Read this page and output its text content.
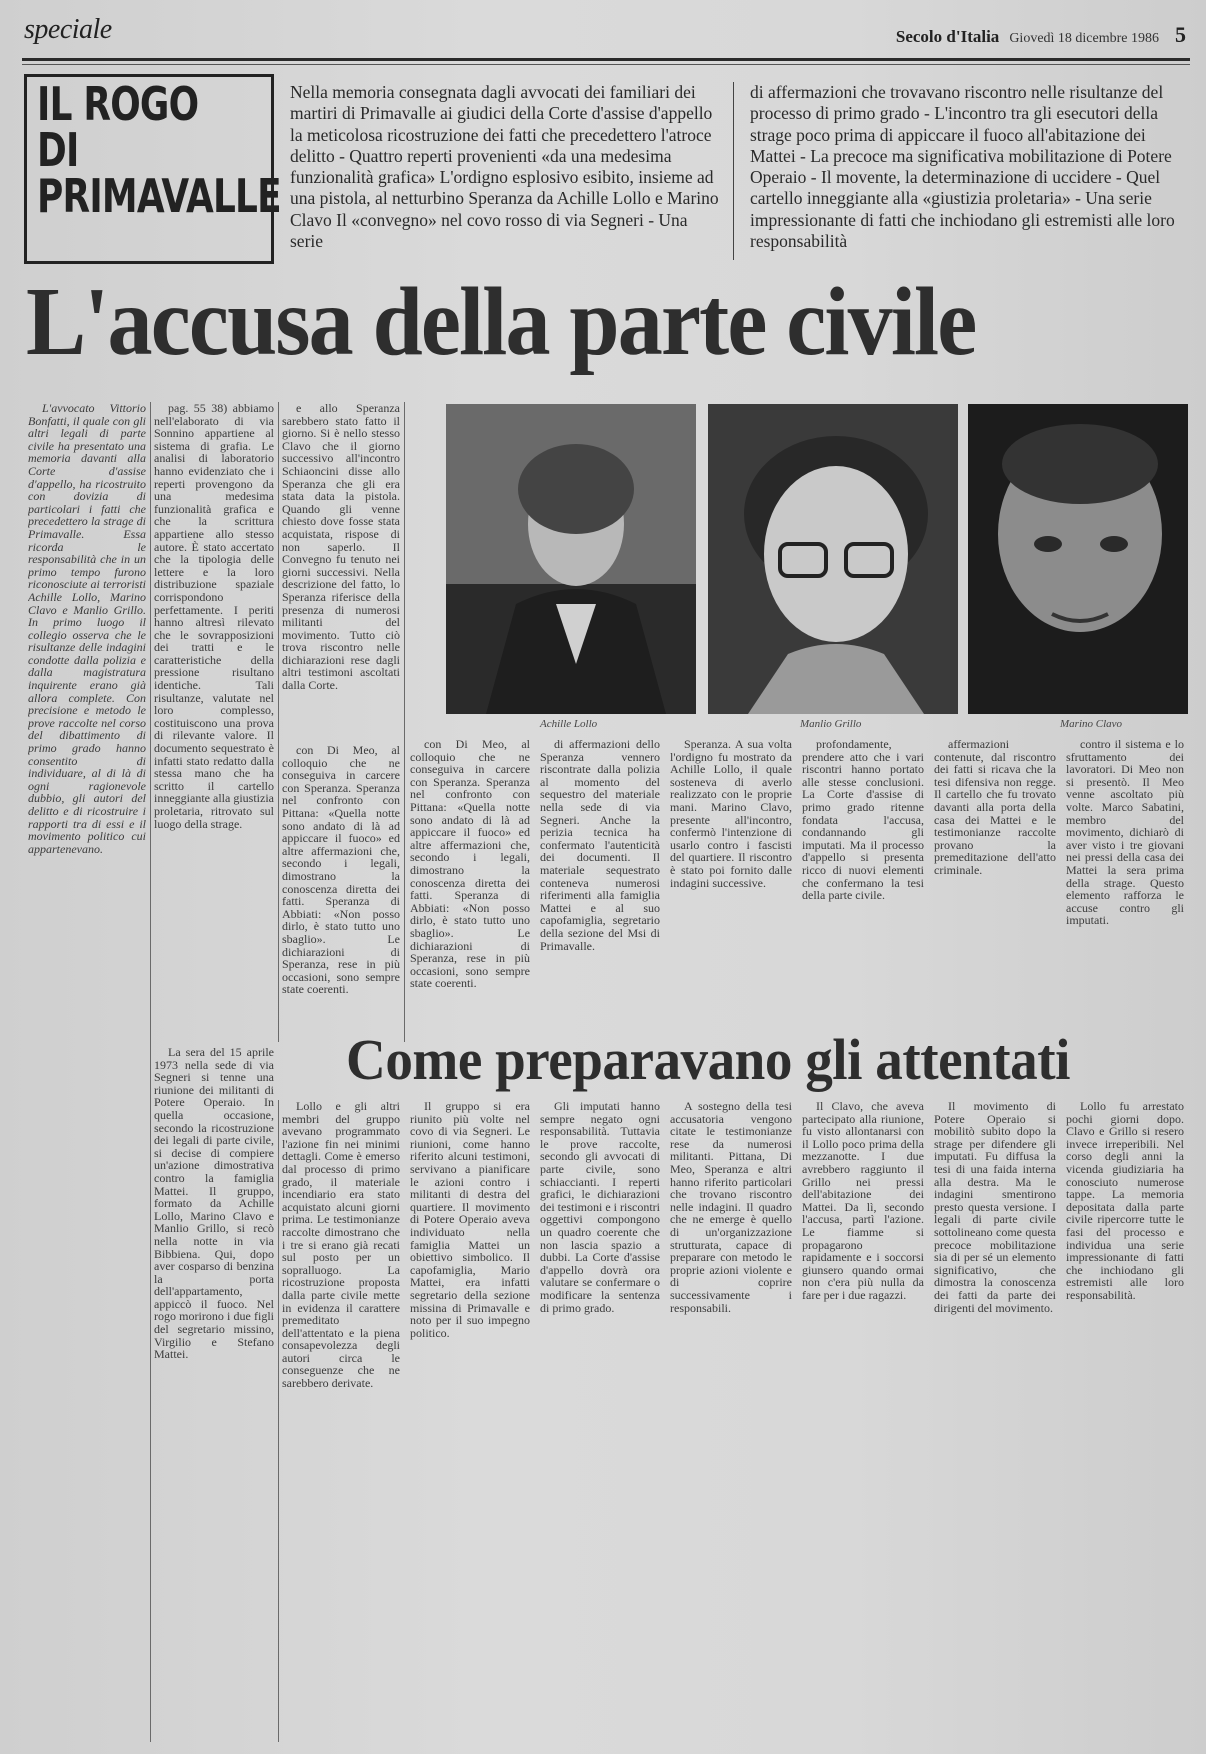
speciale	Secolo d'Italia Giovedì 18 dicembre 1986 5
IL ROGO
DI
PRIMAVALLE
Nella memoria consegnata dagli avvocati dei familiari dei martiri di Primavalle ai giudici della Corte d'assise d'appello la meticolosa ricostruzione dei fatti che precedettero l'atroce delitto - Quattro reperti provenienti «da una medesima funzionalità grafica» L'ordigno esplosivo esibito, insieme ad una pistola, al netturbino Speranza da Achille Lollo e Marino Clavo Il «convegno» nel covo rosso di via Segneri - Una serie
di affermazioni che trovavano riscontro nelle risultanze del processo di primo grado - L'incontro tra gli esecutori della strage poco prima di appiccare il fuoco all'abitazione dei Mattei - La precoce ma significativa mobilitazione di Potere Operaio - Il movente, la determinazione di uccidere - Quel cartello inneggiante alla «giustizia proletaria» - Una serie impressionante di fatti che inchiodano gli estremisti alle loro responsabilità
L'accusa della parte civile
Achille Lollo	Manlio Grillo	Marino Clavo

L'avvocato Vittorio Bonfatti, il quale con gli altri legali di parte civile ha presentato una memoria davanti alla Corte d'assise d'appello, ha ricostruito con dovizia di particolari i fatti che precedettero la strage di Primavalle. Essa ricorda le responsabilità che in un primo tempo furono riconosciute ai terroristi Achille Lollo, Marino Clavo e Manlio Grillo. In primo luogo il collegio osserva che le risultanze delle indagini condotte dalla polizia e dalla magistratura inquirente erano già allora complete. Con precisione e metodo le prove raccolte nel corso del dibattimento di primo grado hanno consentito di individuare, al di là di ogni ragionevole dubbio, gli autori del delitto e di ricostruire i rapporti tra di essi e il movimento politico cui appartenevano.

pag. 55 38) abbiamo nell'elaborato di via Sonnino appartiene al sistema di grafia. Le analisi di laboratorio hanno evidenziato che i reperti provengono da una medesima funzionalità grafica e che la scrittura appartiene allo stesso autore. È stato accertato che la tipologia delle lettere e la loro distribuzione spaziale corrispondono perfettamente. I periti hanno altresì rilevato che le sovrapposizioni dei tratti e le caratteristiche della pressione risultano identiche. Tali risultanze, valutate nel loro complesso, costituiscono una prova di rilevante valore. Il documento sequestrato è infatti stato redatto dalla stessa mano che ha scritto il cartello inneggiante alla giustizia proletaria, ritrovato sul luogo della strage.

e allo Speranza sarebbero stato fatto il giorno. Si è nello stesso Clavo che il giorno successivo all'incontro Schiaoncini disse allo Speranza che gli era stata data la pistola. Quando gli venne chiesto dove fosse stata acquistata, rispose di non saperlo. Il Convegno fu tenuto nei giorni successivi. Nella descrizione del fatto, lo Speranza riferisce della presenza di numerosi militanti del movimento. Tutto ciò trova riscontro nelle dichiarazioni rese dagli altri testimoni ascoltati dalla Corte.

con Di Meo, al colloquio che ne conseguiva in carcere con Speranza. Speranza nel confronto con Pittana: «Quella notte sono andato di là ad appiccare il fuoco» ed altre affermazioni che, secondo i legali, dimostrano la conoscenza diretta dei fatti. Speranza di Abbiati: «Non posso dirlo, è stato tutto uno sbaglio». Le dichiarazioni di Speranza, rese in più occasioni, sono sempre state coerenti.

con Di Meo, al colloquio che ne conseguiva in carcere con Speranza. Speranza nel confronto con Pittana: «Quella notte sono andato di là ad appiccare il fuoco» ed altre affermazioni che, secondo i legali, dimostrano la conoscenza diretta dei fatti. Speranza di Abbiati: «Non posso dirlo, è stato tutto uno sbaglio». Le dichiarazioni di Speranza, rese in più occasioni, sono sempre state coerenti.

di affermazioni dello Speranza vennero riscontrate dalla polizia al momento del sequestro del materiale nella sede di via Segneri. Anche la perizia tecnica ha confermato l'autenticità dei documenti. Il materiale sequestrato conteneva numerosi riferimenti alla famiglia Mattei e al suo capofamiglia, segretario della sezione del Msi di Primavalle.

Speranza. A sua volta l'ordigno fu mostrato da Achille Lollo, il quale sosteneva di averlo realizzato con le proprie mani. Marino Clavo, presente all'incontro, confermò l'intenzione di usarlo contro i fascisti del quartiere. Il riscontro è stato poi fornito dalle indagini successive.

profondamente, prendere atto che i vari riscontri hanno portato alle stesse conclusioni. La Corte d'assise di primo grado ritenne fondata l'accusa, condannando gli imputati. Ma il processo d'appello si presenta ricco di nuovi elementi che confermano la tesi della parte civile.

affermazioni contenute, dal riscontro dei fatti si ricava che la tesi difensiva non regge. Il cartello che fu trovato davanti alla porta della casa dei Mattei e le testimonianze raccolte provano la premeditazione dell'atto criminale.

contro il sistema e lo sfruttamento dei lavoratori. Di Meo non si presentò. Il Meo venne ascoltato più volte. Marco Sabatini, membro del movimento, dichiarò di aver visto i tre giovani nei pressi della casa dei Mattei la sera prima della strage. Questo elemento rafforza le accuse contro gli imputati.

Come preparavano gli attentati

La sera del 15 aprile 1973 nella sede di via Segneri si tenne una riunione dei militanti di Potere Operaio. In quella occasione, secondo la ricostruzione dei legali di parte civile, si decise di compiere un'azione dimostrativa contro la famiglia Mattei. Il gruppo, formato da Achille Lollo, Marino Clavo e Manlio Grillo, si recò nella notte in via Bibbiena. Qui, dopo aver cosparso di benzina la porta dell'appartamento, appiccò il fuoco. Nel rogo morirono i due figli del segretario missino, Virgilio e Stefano Mattei.

Lollo e gli altri membri del gruppo avevano programmato l'azione fin nei minimi dettagli. Come è emerso dal processo di primo grado, il materiale incendiario era stato acquistato alcuni giorni prima. Le testimonianze raccolte dimostrano che i tre si erano già recati sul posto per un sopralluogo. La ricostruzione proposta dalla parte civile mette in evidenza il carattere premeditato dell'attentato e la piena consapevolezza degli autori circa le conseguenze che ne sarebbero derivate.

Il gruppo si era riunito più volte nel covo di via Segneri. Le riunioni, come hanno riferito alcuni testimoni, servivano a pianificare le azioni contro i militanti di destra del quartiere. Il movimento di Potere Operaio aveva individuato nella famiglia Mattei un obiettivo simbolico. Il capofamiglia, Mario Mattei, era infatti segretario della sezione missina di Primavalle e noto per il suo impegno politico.

Gli imputati hanno sempre negato ogni responsabilità. Tuttavia le prove raccolte, secondo gli avvocati di parte civile, sono schiaccianti. I reperti grafici, le dichiarazioni dei testimoni e i riscontri oggettivi compongono un quadro coerente che non lascia spazio a dubbi. La Corte d'assise d'appello dovrà ora valutare se confermare o modificare la sentenza di primo grado.

A sostegno della tesi accusatoria vengono citate le testimonianze rese da numerosi militanti. Pittana, Di Meo, Speranza e altri hanno riferito particolari che trovano riscontro nelle indagini. Il quadro che ne emerge è quello di un'organizzazione strutturata, capace di preparare con metodo le proprie azioni violente e di coprire successivamente i responsabili.

Il Clavo, che aveva partecipato alla riunione, fu visto allontanarsi con il Lollo poco prima della mezzanotte. I due avrebbero raggiunto il Grillo nei pressi dell'abitazione dei Mattei. Da lì, secondo l'accusa, partì l'azione. Le fiamme si propagarono rapidamente e i soccorsi giunsero quando ormai non c'era più nulla da fare per i due ragazzi.

Il movimento di Potere Operaio si mobilitò subito dopo la strage per difendere gli imputati. Fu diffusa la tesi di una faida interna alla destra. Ma le indagini smentirono presto questa versione. I legali di parte civile sottolineano come questa precoce mobilitazione sia di per sé un elemento significativo, che dimostra la conoscenza dei fatti da parte dei dirigenti del movimento.

Lollo fu arrestato pochi giorni dopo. Clavo e Grillo si resero invece irreperibili. Nel corso degli anni la vicenda giudiziaria ha conosciuto numerose tappe. La memoria depositata dalla parte civile ripercorre tutte le fasi del processo e individua una serie impressionante di fatti che inchiodano gli estremisti alle loro responsabilità.
